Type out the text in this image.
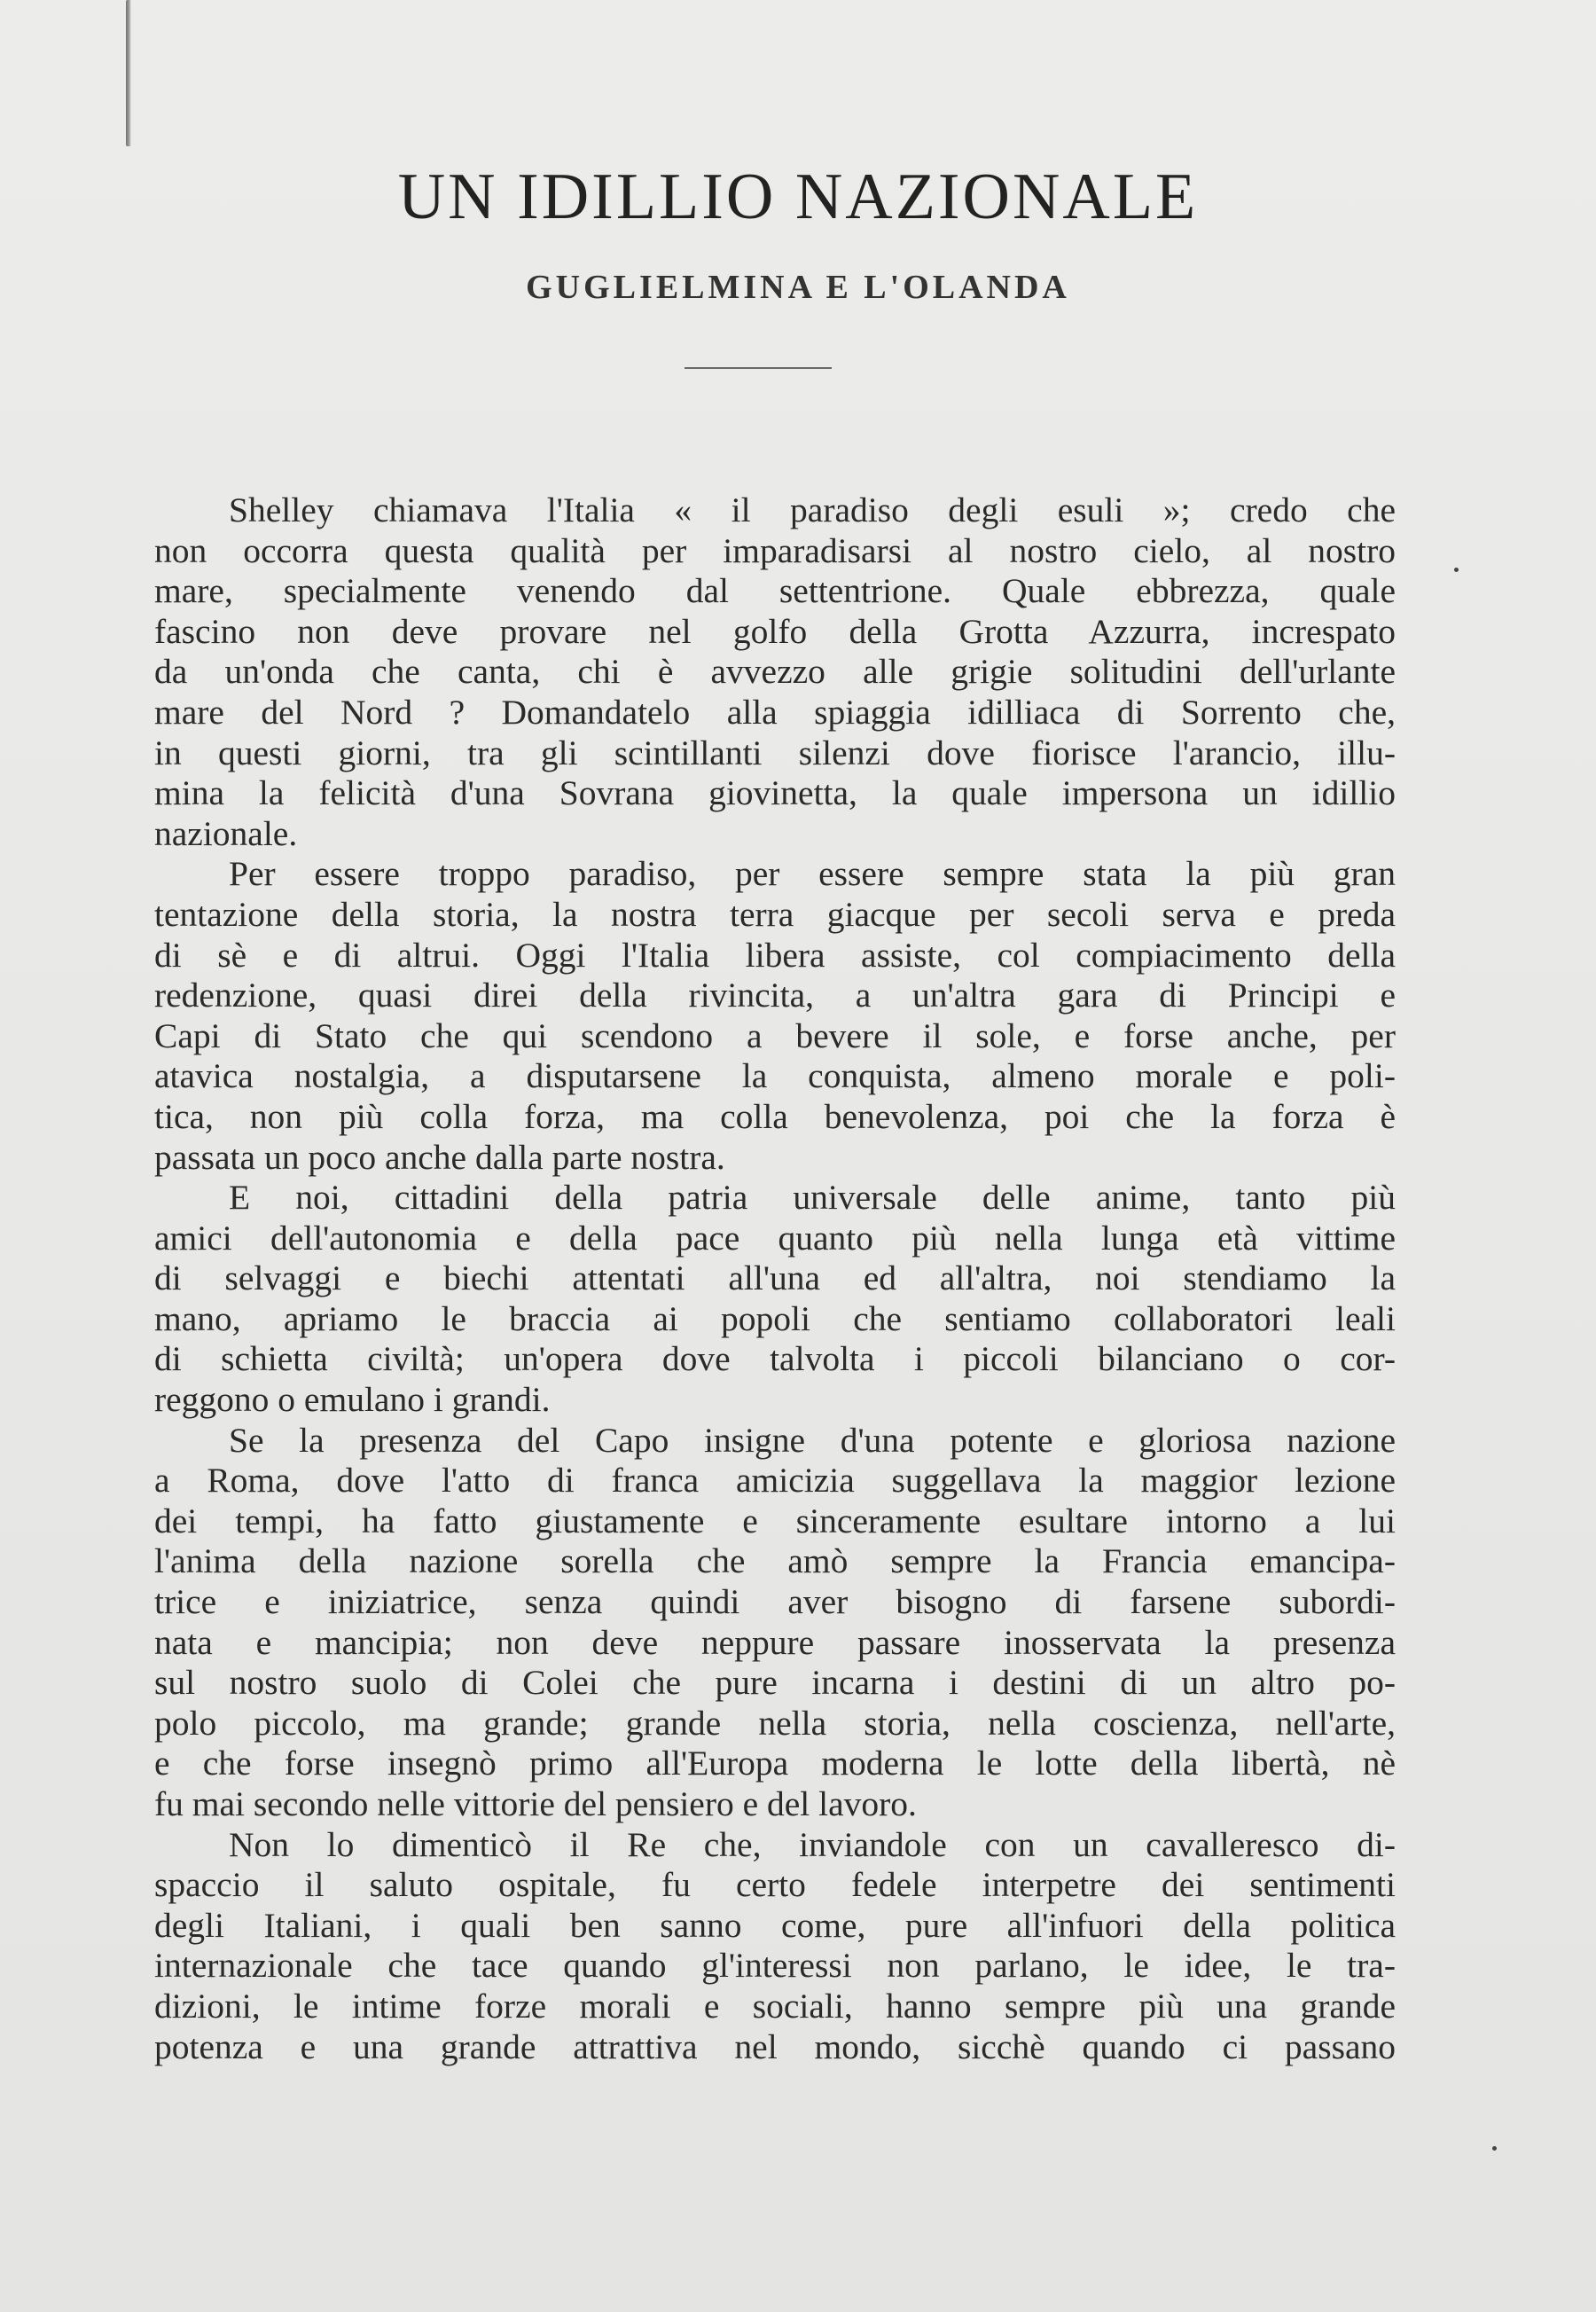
UN IDILLIO NAZIONALE
GUGLIELMINA E L'OLANDA
Shelley chiamava l'Italia « il paradiso degli esuli »; credo che
non occorra questa qualità per imparadisarsi al nostro cielo, al nostro
mare, specialmente venendo dal settentrione. Quale ebbrezza, quale
fascino non deve provare nel golfo della Grotta Azzurra, increspato
da un'onda che canta, chi è avvezzo alle grigie solitudini dell'urlante
mare del Nord ? Domandatelo alla spiaggia idilliaca di Sorrento che,
in questi giorni, tra gli scintillanti silenzi dove fiorisce l'arancio, illu-
mina la felicità d'una Sovrana giovinetta, la quale impersona un idillio
nazionale.
Per essere troppo paradiso, per essere sempre stata la più gran
tentazione della storia, la nostra terra giacque per secoli serva e preda
di sè e di altrui. Oggi l'Italia libera assiste, col compiacimento della
redenzione, quasi direi della rivincita, a un'altra gara di Principi e
Capi di Stato che qui scendono a bevere il sole, e forse anche, per
atavica nostalgia, a disputarsene la conquista, almeno morale e poli-
tica, non più colla forza, ma colla benevolenza, poi che la forza è
passata un poco anche dalla parte nostra.
E noi, cittadini della patria universale delle anime, tanto più
amici dell'autonomia e della pace quanto più nella lunga età vittime
di selvaggi e biechi attentati all'una ed all'altra, noi stendiamo la
mano, apriamo le braccia ai popoli che sentiamo collaboratori leali
di schietta civiltà; un'opera dove talvolta i piccoli bilanciano o cor-
reggono o emulano i grandi.
Se la presenza del Capo insigne d'una potente e gloriosa nazione
a Roma, dove l'atto di franca amicizia suggellava la maggior lezione
dei tempi, ha fatto giustamente e sinceramente esultare intorno a lui
l'anima della nazione sorella che amò sempre la Francia emancipa-
trice e iniziatrice, senza quindi aver bisogno di farsene subordi-
nata e mancipia; non deve neppure passare inosservata la presenza
sul nostro suolo di Colei che pure incarna i destini di un altro po-
polo piccolo, ma grande; grande nella storia, nella coscienza, nell'arte,
e che forse insegnò primo all'Europa moderna le lotte della libertà, nè
fu mai secondo nelle vittorie del pensiero e del lavoro.
Non lo dimenticò il Re che, inviandole con un cavalleresco di-
spaccio il saluto ospitale, fu certo fedele interpetre dei sentimenti
degli Italiani, i quali ben sanno come, pure all'infuori della politica
internazionale che tace quando gl'interessi non parlano, le idee, le tra-
dizioni, le intime forze morali e sociali, hanno sempre più una grande
potenza e una grande attrattiva nel mondo, sicchè quando ci passano
